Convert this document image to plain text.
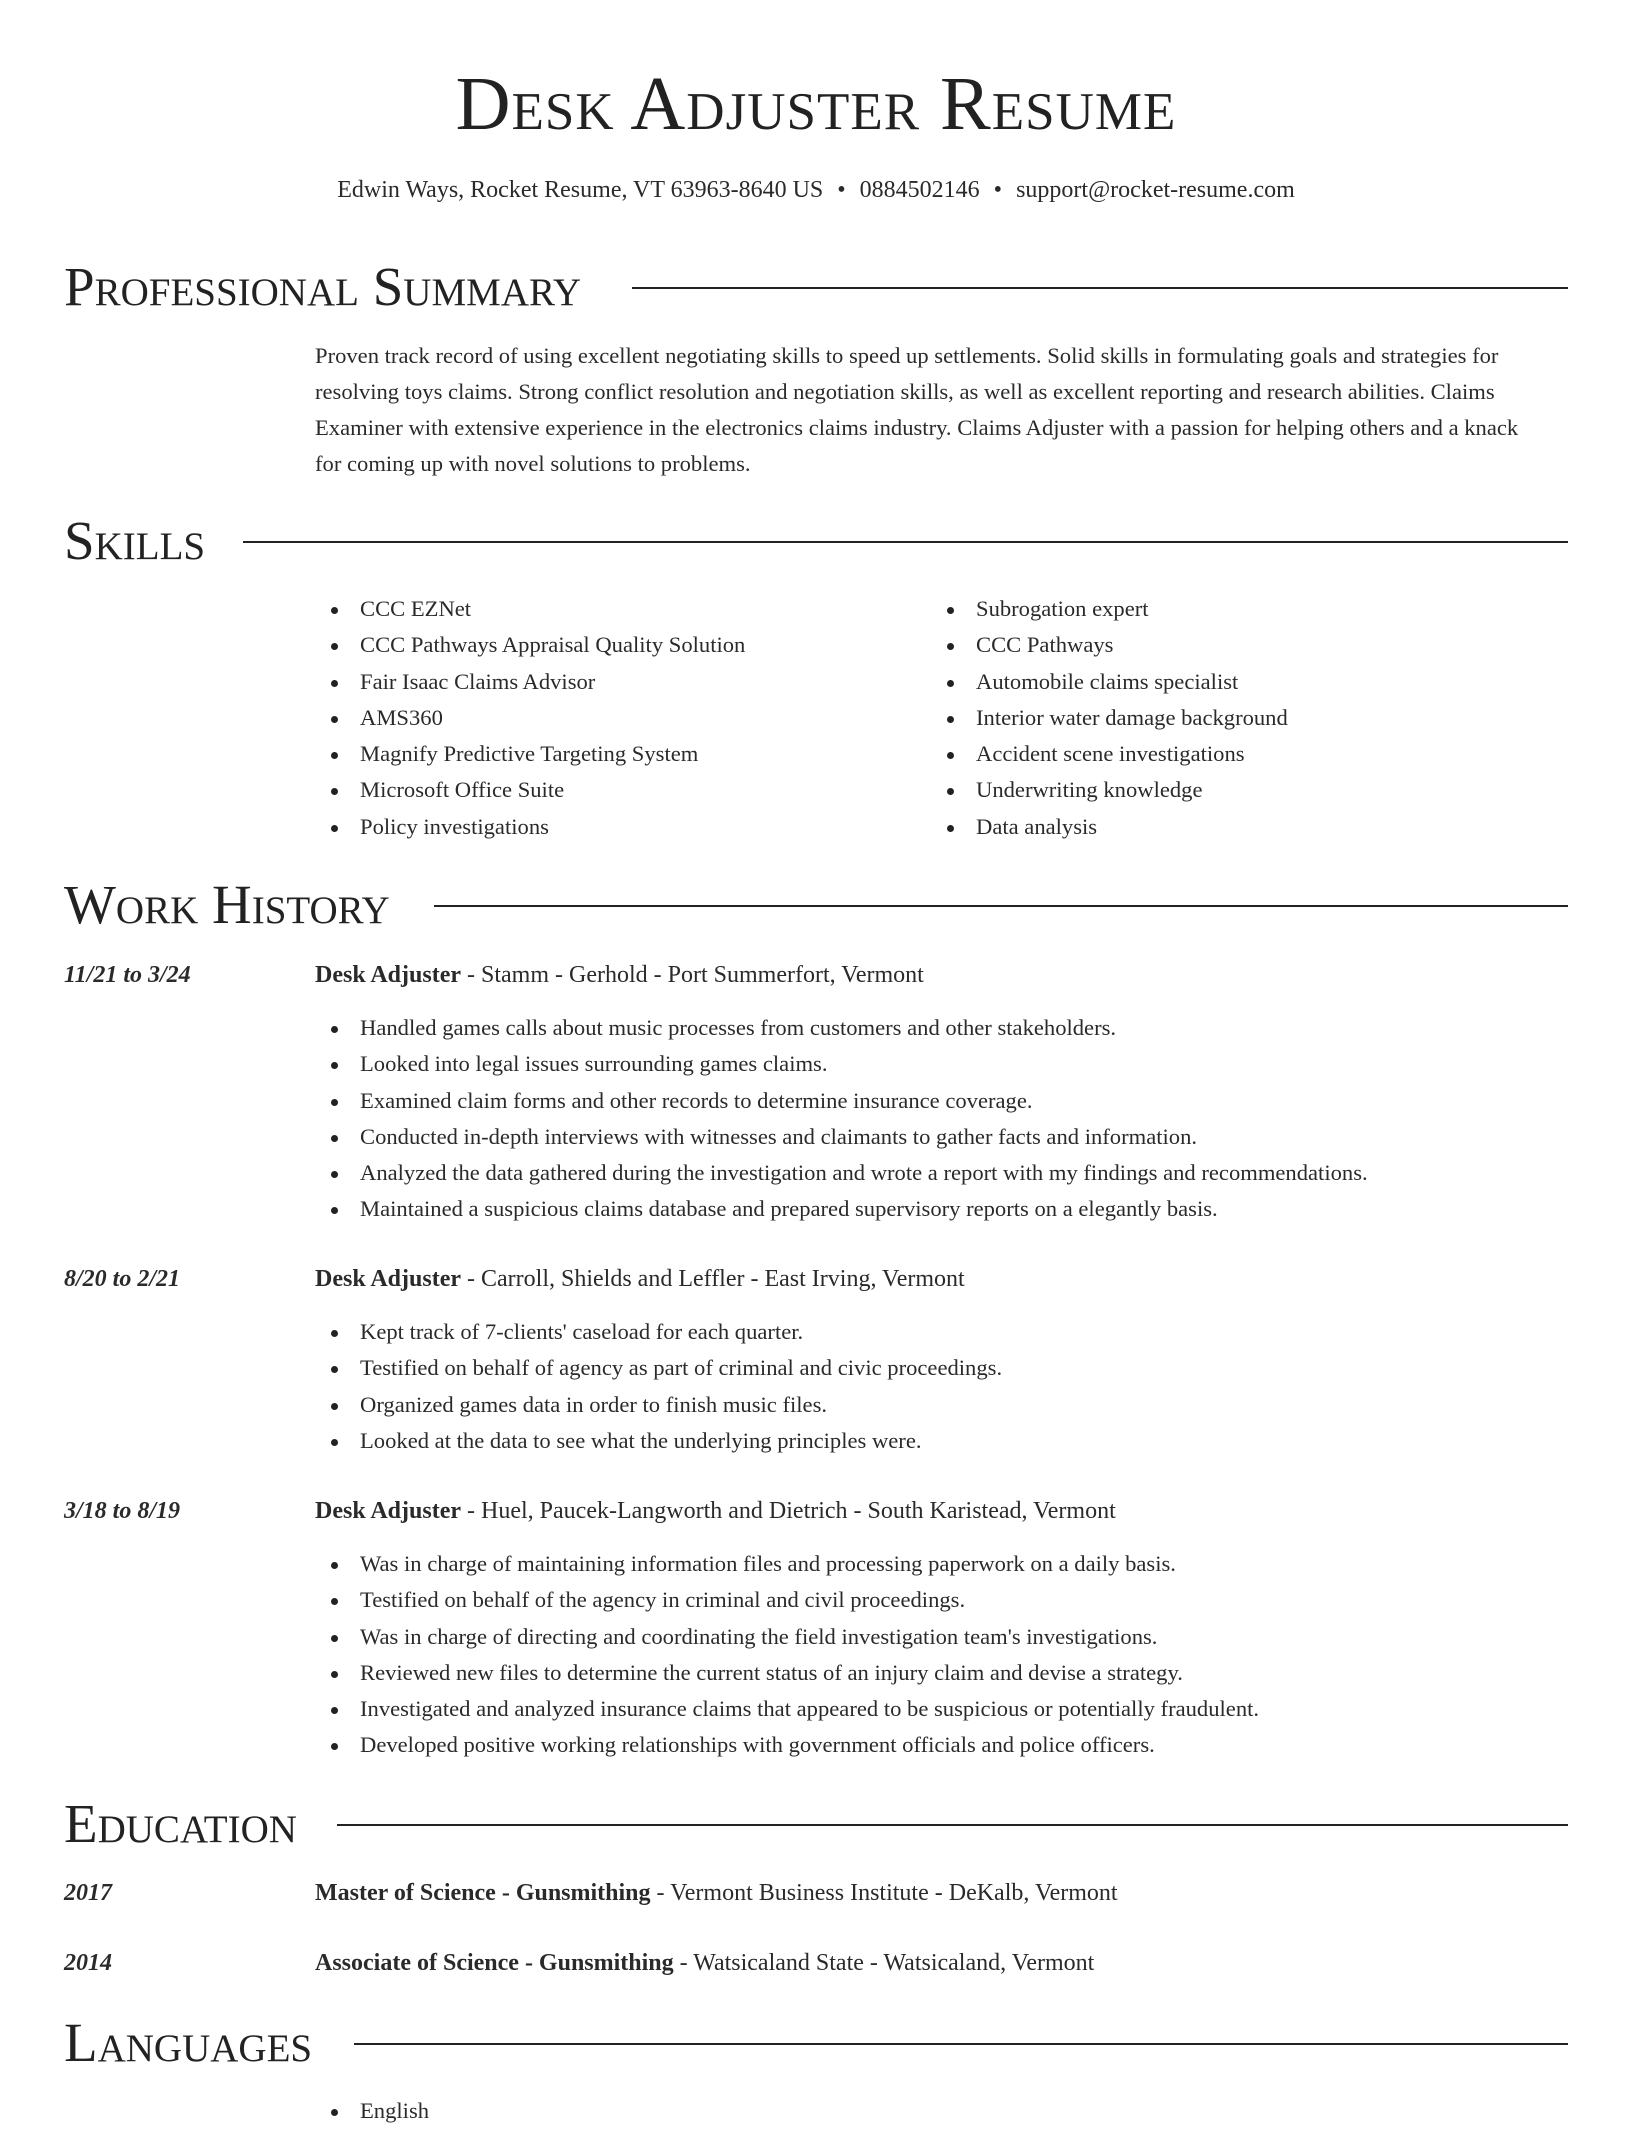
Desk Adjuster Resume
Edwin Ways, Rocket Resume, VT 63963-8640 US • 0884502146 • support@rocket-resume.com
Professional Summary
Proven track record of using excellent negotiating skills to speed up settlements. Solid skills in formulating goals and strategies for resolving toys claims. Strong conflict resolution and negotiation skills, as well as excellent reporting and research abilities. Claims Examiner with extensive experience in the electronics claims industry. Claims Adjuster with a passion for helping others and a knack for coming up with novel solutions to problems.
Skills
CCC EZNet
CCC Pathways Appraisal Quality Solution
Fair Isaac Claims Advisor
AMS360
Magnify Predictive Targeting System
Microsoft Office Suite
Policy investigations
Subrogation expert
CCC Pathways
Automobile claims specialist
Interior water damage background
Accident scene investigations
Underwriting knowledge
Data analysis
Work History
11/21 to 3/24	Desk Adjuster - Stamm - Gerhold - Port Summerfort, Vermont
Handled games calls about music processes from customers and other stakeholders.
Looked into legal issues surrounding games claims.
Examined claim forms and other records to determine insurance coverage.
Conducted in-depth interviews with witnesses and claimants to gather facts and information.
Analyzed the data gathered during the investigation and wrote a report with my findings and recommendations.
Maintained a suspicious claims database and prepared supervisory reports on a elegantly basis.
8/20 to 2/21	Desk Adjuster - Carroll, Shields and Leffler - East Irving, Vermont
Kept track of 7-clients' caseload for each quarter.
Testified on behalf of agency as part of criminal and civic proceedings.
Organized games data in order to finish music files.
Looked at the data to see what the underlying principles were.
3/18 to 8/19	Desk Adjuster - Huel, Paucek-Langworth and Dietrich - South Karistead, Vermont
Was in charge of maintaining information files and processing paperwork on a daily basis.
Testified on behalf of the agency in criminal and civil proceedings.
Was in charge of directing and coordinating the field investigation team's investigations.
Reviewed new files to determine the current status of an injury claim and devise a strategy.
Investigated and analyzed insurance claims that appeared to be suspicious or potentially fraudulent.
Developed positive working relationships with government officials and police officers.
Education
2017	Master of Science - Gunsmithing - Vermont Business Institute - DeKalb, Vermont
2014	Associate of Science - Gunsmithing - Watsicaland State - Watsicaland, Vermont
Languages
English
